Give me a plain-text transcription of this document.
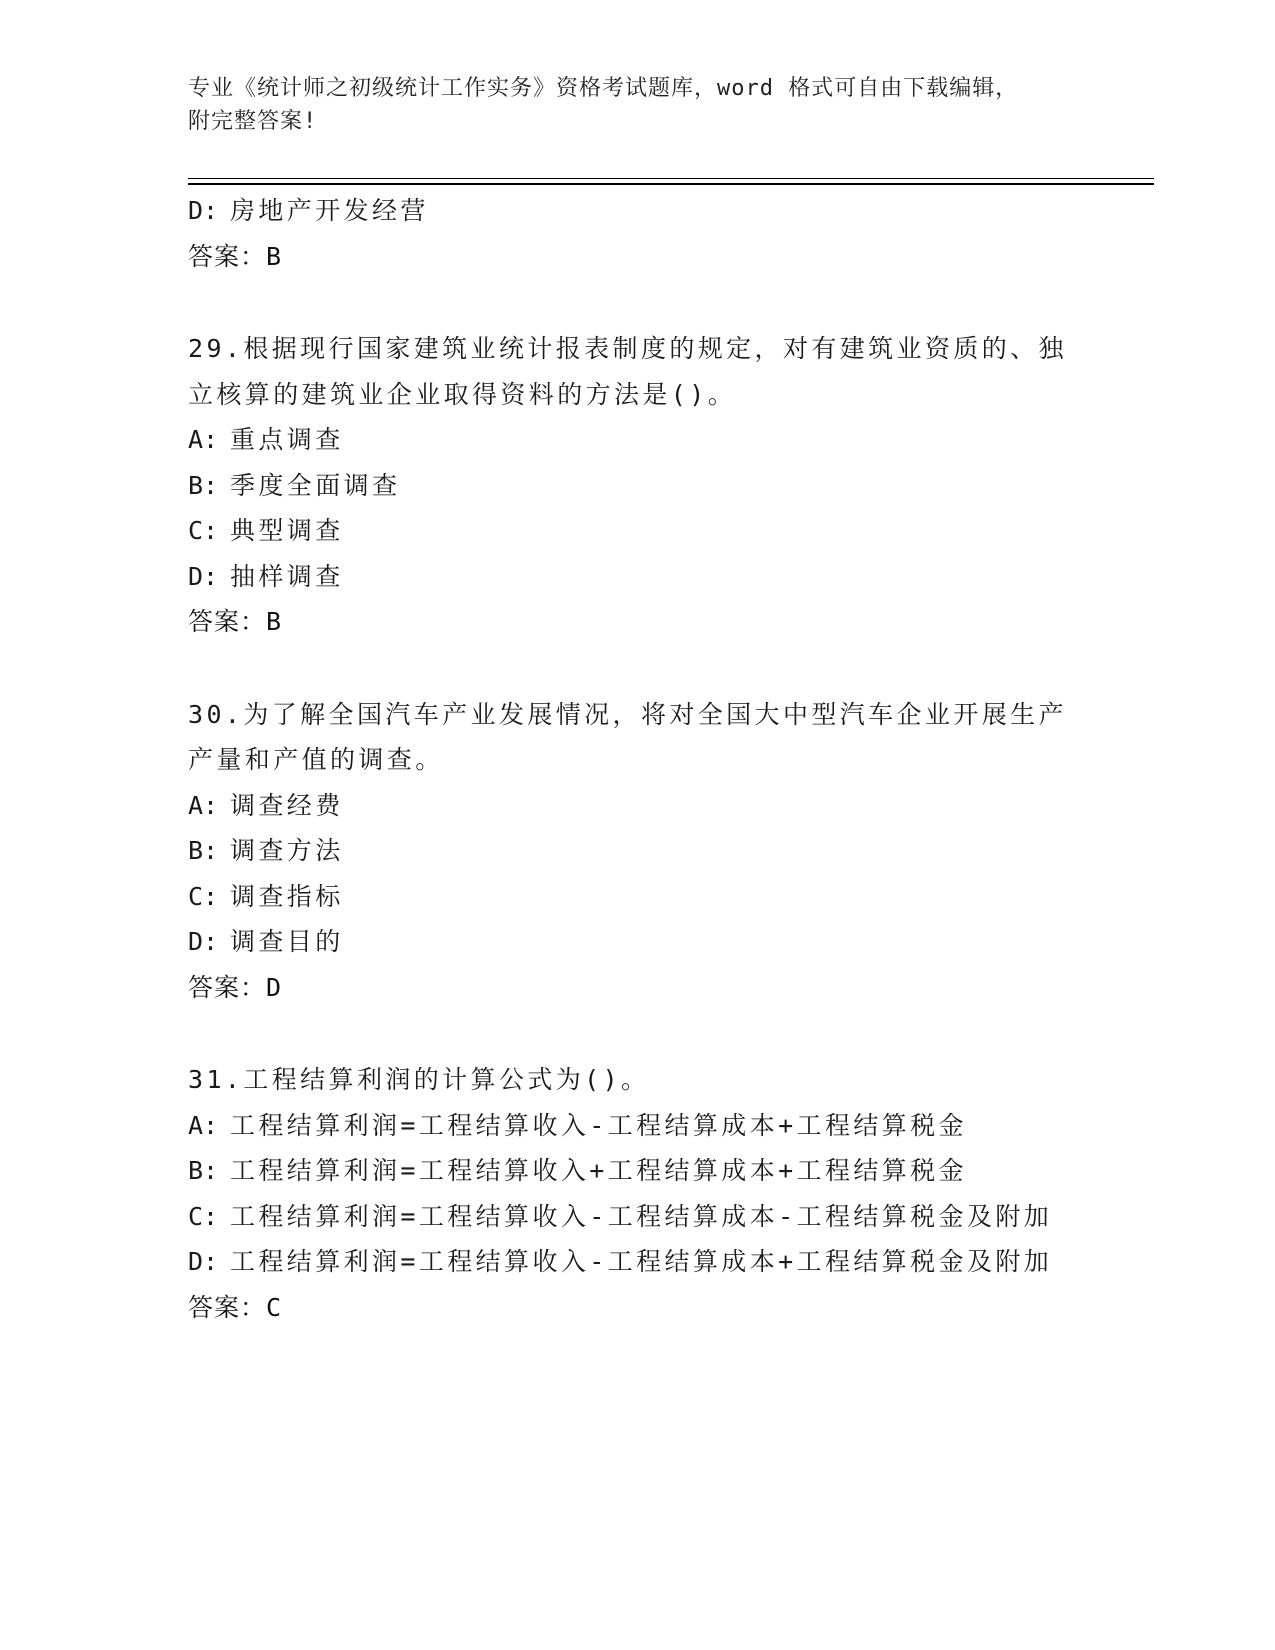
专业《统计师之初级统计工作实务》资格考试题库，word 格式可自由下载编辑，
附完整答案!
D: 房地产开发经营
答案：B
29.根据现行国家建筑业统计报表制度的规定，对有建筑业资质的、独
立核算的建筑业企业取得资料的方法是()。
A: 重点调查
B: 季度全面调查
C: 典型调查
D: 抽样调查
答案：B
30.为了解全国汽车产业发展情况，将对全国大中型汽车企业开展生产
产量和产值的调查。
A: 调查经费
B: 调查方法
C: 调查指标
D: 调查目的
答案：D
31.工程结算利润的计算公式为()。
A: 工程结算利润=工程结算收入-工程结算成本+工程结算税金
B: 工程结算利润=工程结算收入+工程结算成本+工程结算税金
C: 工程结算利润=工程结算收入-工程结算成本-工程结算税金及附加
D: 工程结算利润=工程结算收入-工程结算成本+工程结算税金及附加
答案：C
